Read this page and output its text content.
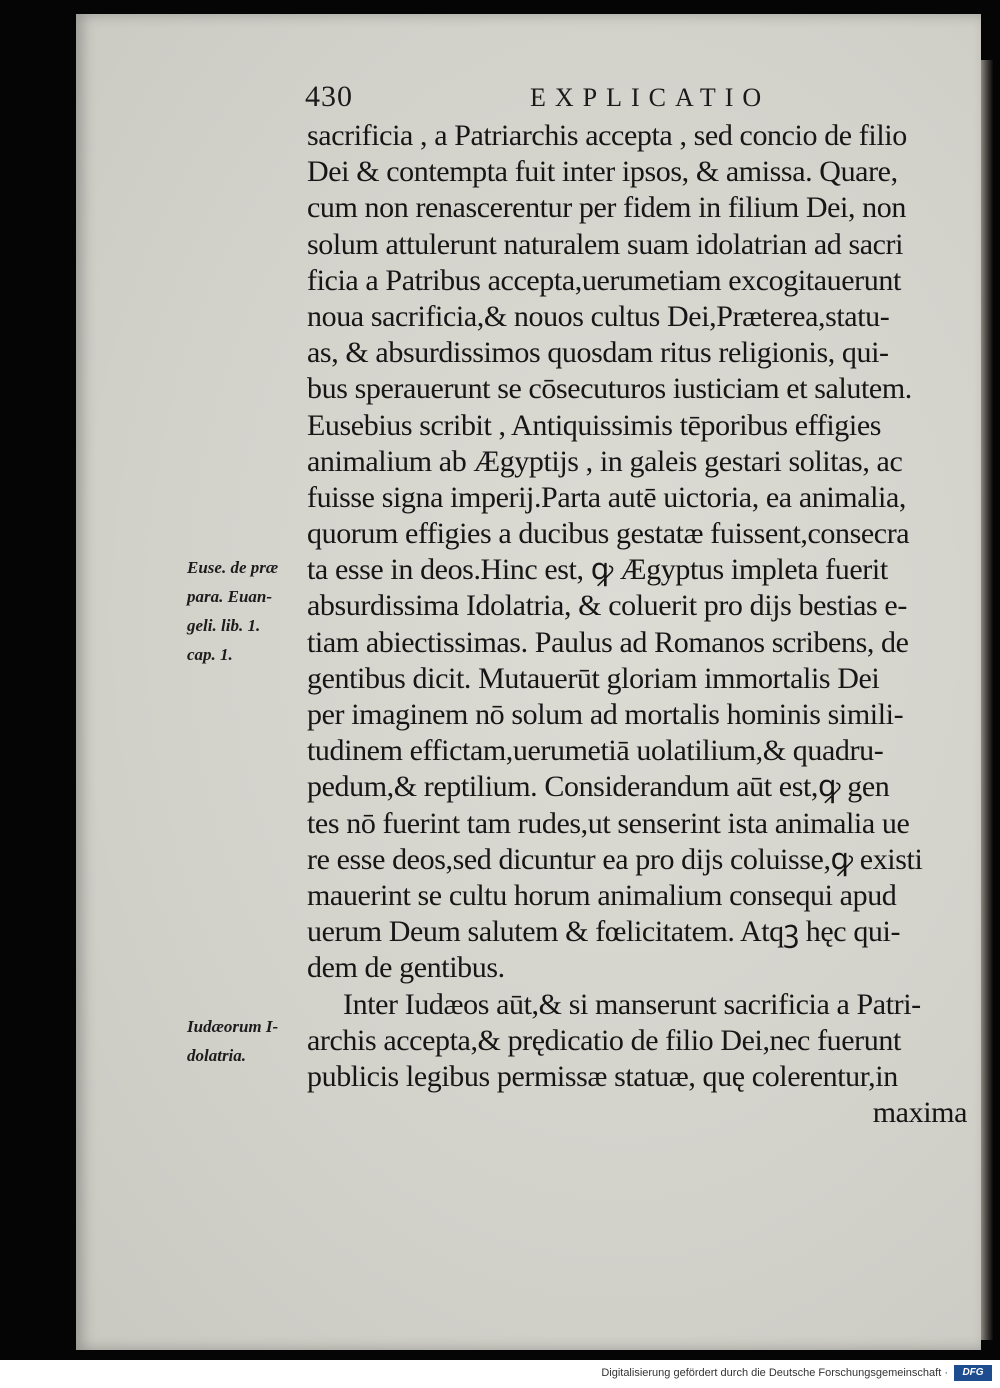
430	EXPLICATIO
sacrificia , a Patriarchis accepta , sed concio de filio
Dei & contempta fuit inter ipsos, & amissa. Quare,
cum non renascerentur per fidem in filium Dei, non
solum attulerunt naturalem suam idolatrian ad sacri
ficia a Patribus accepta,uerumetiam excogitauerunt
noua sacrificia,& nouos cultus Dei,Præterea,statu-
as, & absurdissimos quosdam ritus religionis, qui-
bus sperauerunt se cōsecuturos iusticiam et salutem.
Eusebius scribit , Antiquissimis tēporibus effigies
animalium ab Ægyptijs , in galeis gestari solitas, ac
fuisse signa imperij.Parta autē uictoria, ea animalia,
quorum effigies a ducibus gestatæ fuissent,consecra
ta esse in deos.Hinc est, ꝙ Ægyptus impleta fuerit
absurdissima Idolatria, & coluerit pro dijs bestias e-
tiam abiectissimas. Paulus ad Romanos scribens, de
gentibus dicit. Mutauerūt gloriam immortalis Dei
per imaginem nō solum ad mortalis hominis simili-
tudinem effictam,uerumetiā uolatilium,& quadru-
pedum,& reptilium. Considerandum aūt est,ꝙ gen
tes nō fuerint tam rudes,ut senserint ista animalia ue
re esse deos,sed dicuntur ea pro dijs coluisse,ꝙ existi
mauerint se cultu horum animalium consequi apud
uerum Deum salutem & fœlicitatem. Atqꝫ hęc qui-
dem de gentibus.
Inter Iudæos aūt,& si manserunt sacrificia a Patri-
archis accepta,& prędicatio de filio Dei,nec fuerunt
publicis legibus permissæ statuæ, quę colerentur,in
maxima
Euse. de præ
para. Euan-
geli. lib. 1.
cap. 1.
Iudæorum I-
dolatria.
Digitalisierung gefördert durch die Deutsche Forschungsgemeinschaft ·	DFG
